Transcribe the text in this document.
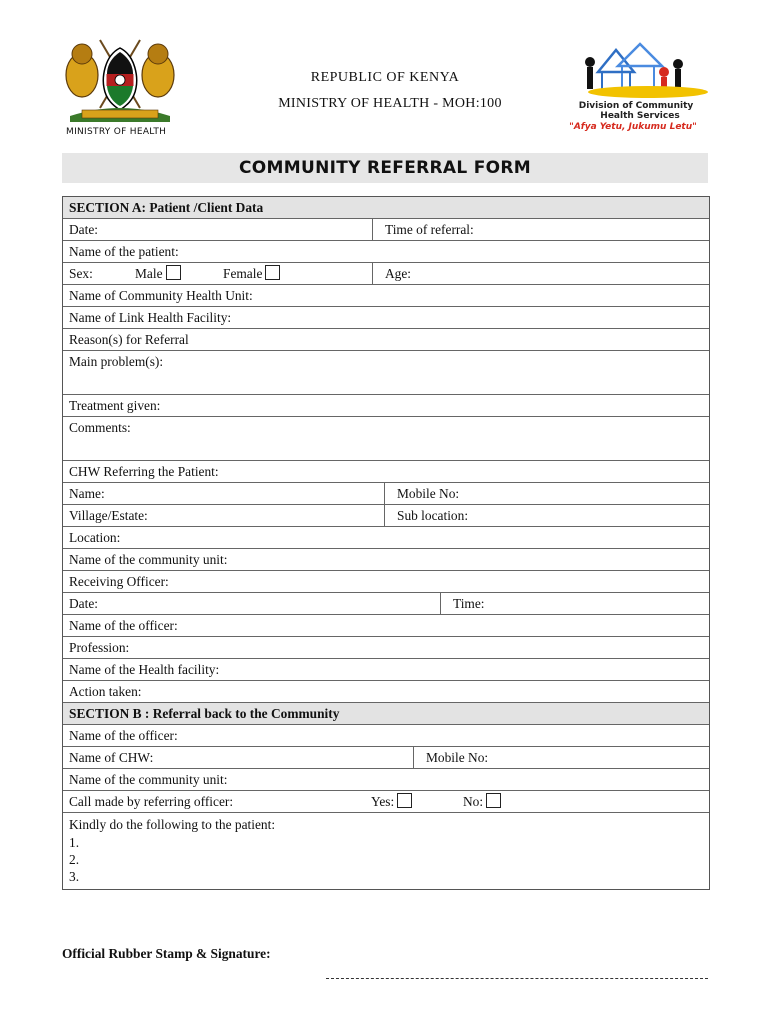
MINISTRY OF HEALTH
REPUBLIC OF KENYA
MINISTRY OF HEALTH - MOH:100	Division of Community
Health Services
"Afya Yetu, Jukumu Letu"
COMMUNITY REFERRAL FORM
SECTION A: Patient /Client Data
Date:	Time of referral:
Name of the patient:
Sex:	Male	Female	Age:
Name of Community Health Unit:
Name of Link Health Facility:
Reason(s) for Referral
Main problem(s):
Treatment given:
Comments:
CHW Referring the Patient:
Name:	Mobile No:
Village/Estate:	Sub location:
Location:
Name of the community unit:
Receiving Officer:
Date:	Time:
Name of the officer:
Profession:
Name of the Health facility:
Action taken:
SECTION B : Referral back to the Community
Name of the officer:
Name of CHW:	Mobile No:
Name of the community unit:
Call made by referring officer:	Yes:	No:
Kindly do the following to the patient:
1.
2.
3.
Official Rubber Stamp & Signature:
